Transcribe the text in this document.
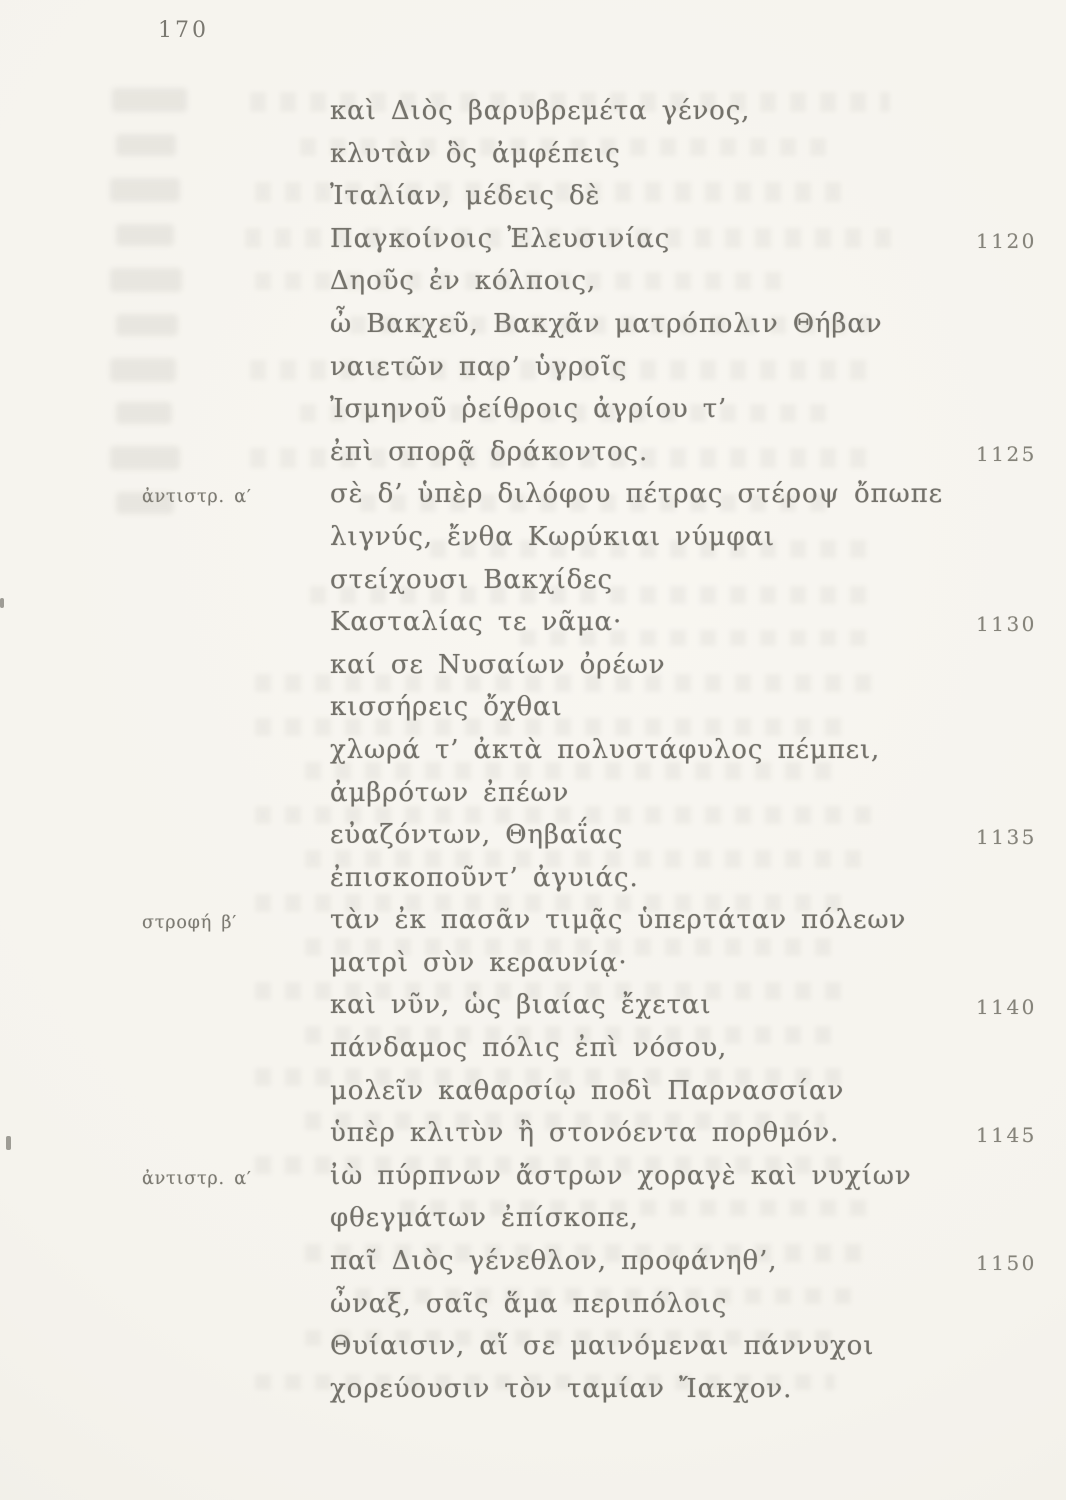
170
καὶ Διὸς βαρυβρεμέτα γένος,
κλυτὰν ὃς ἀμφέπεις
Ἰταλίαν, μέδεις δὲ
Παγκοίνοις Ἐλευσινίας	1120
Δηοῦς ἐν κόλποις,
ὦ Βακχεῦ, Βακχᾶν ματρόπολιν Θήβαν
ναιετῶν παρ’ ὑγροῖς
Ἰσμηνοῦ ῥείθροις ἀγρίου τ’
ἐπὶ σπορᾷ δράκοντος.	1125
ἀντιστρ. α′	σὲ δ’ ὑπὲρ διλόφου πέτρας στέροψ ὄπωπε
λιγνύς, ἔνθα Κωρύκιαι νύμφαι
στείχουσι Βακχίδες
Κασταλίας τε νᾶμα·	1130
καί σε Νυσαίων ὀρέων
κισσήρεις ὄχθαι
χλωρά τ’ ἀκτὰ πολυστάφυλος πέμπει,
ἀμβρότων ἐπέων
εὐαζόντων, Θηβαΐας	1135
ἐπισκοποῦντ’ ἀγυιάς.
στροφή β′	τὰν ἐκ πασᾶν τιμᾷς ὑπερτάταν πόλεων
ματρὶ σὺν κεραυνίᾳ·
καὶ νῦν, ὡς βιαίας ἔχεται	1140
πάνδαμος πόλις ἐπὶ νόσου,
μολεῖν καθαρσίῳ ποδὶ Παρνασσίαν
ὑπὲρ κλιτὺν ἢ στονόεντα πορθμόν.	1145
ἀντιστρ. α′	ἰὼ πύρπνων ἄστρων χοραγὲ καὶ νυχίων
φθεγμάτων ἐπίσκοπε,
παῖ Διὸς γένεθλον, προφάνηθ’,	1150
ὦναξ, σαῖς ἅμα περιπόλοις
Θυίαισιν, αἵ σε μαινόμεναι πάννυχοι
χορεύουσιν τὸν ταμίαν Ἴακχον.
